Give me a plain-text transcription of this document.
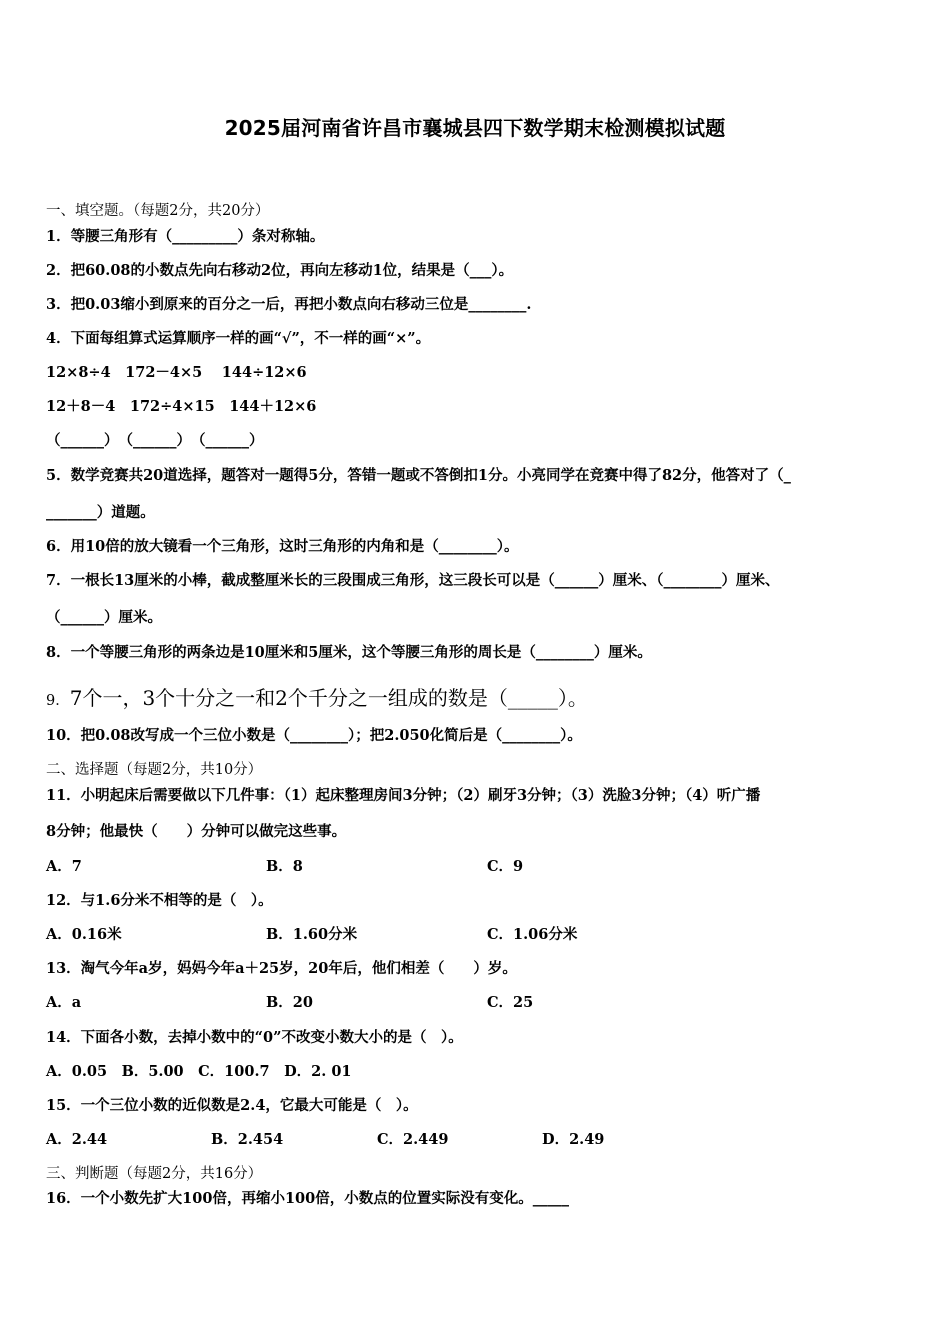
2025届河南省许昌市襄城县四下数学期末检测模拟试题
一、填空题。（每题2分，共20分）
1．等腰三角形有（_________）条对称轴。
2．把60.08的小数点先向右移动2位，再向左移动1位，结果是（___）。
3．把0.03缩小到原来的百分之一后，再把小数点向右移动三位是________.
4．下面每组算式运算顺序一样的画“√”，不一样的画“×”。
12×8÷4　172－4×5　 144÷12×6
12＋8－4　172÷4×15　144＋12×6
（______）　（______）　（______）
5．数学竞赛共20道选择，题答对一题得5分，答错一题或不答倒扣1分。小亮同学在竞赛中得了82分，他答对了（_
_______）道题。
6．用10倍的放大镜看一个三角形，这时三角形的内角和是（________）。
7．一根长13厘米的小棒，截成整厘米长的三段围成三角形，这三段长可以是（______）厘米、（________）厘米、
（______）厘米。
8．一个等腰三角形的两条边是10厘米和5厘米，这个等腰三角形的周长是（________）厘米。
9．7个一，3个十分之一和2个千分之一组成的数是（_____）。
10．把0.08改写成一个三位小数是（________）；把2.050化简后是（________）。
二、选择题（每题2分，共10分）
11．小明起床后需要做以下几件事：（1）起床整理房间3分钟；（2）刷牙3分钟；（3）洗脸3分钟；（4）听广播
8分钟；他最快（　　）分钟可以做完这些事。
A．7	B．8	C．9
12．与1.6分米不相等的是（　）。
A．0.16米	B．1.60分米	C．1.06分米
13．淘气今年a岁，妈妈今年a＋25岁，20年后，他们相差（　　）岁。
A．a	B．20	C．25
14．下面各小数，去掉小数中的“0”不改变小数大小的是（　）。
A．0.05　B．5.00　C．100.7　D．2. 01
15．一个三位小数的近似数是2.4，它最大可能是（　）。
A．2.44	B．2.454	C．2.449	D．2.49
三、判断题（每题2分，共16分）
16．一个小数先扩大100倍，再缩小100倍，小数点的位置实际没有变化。_____
